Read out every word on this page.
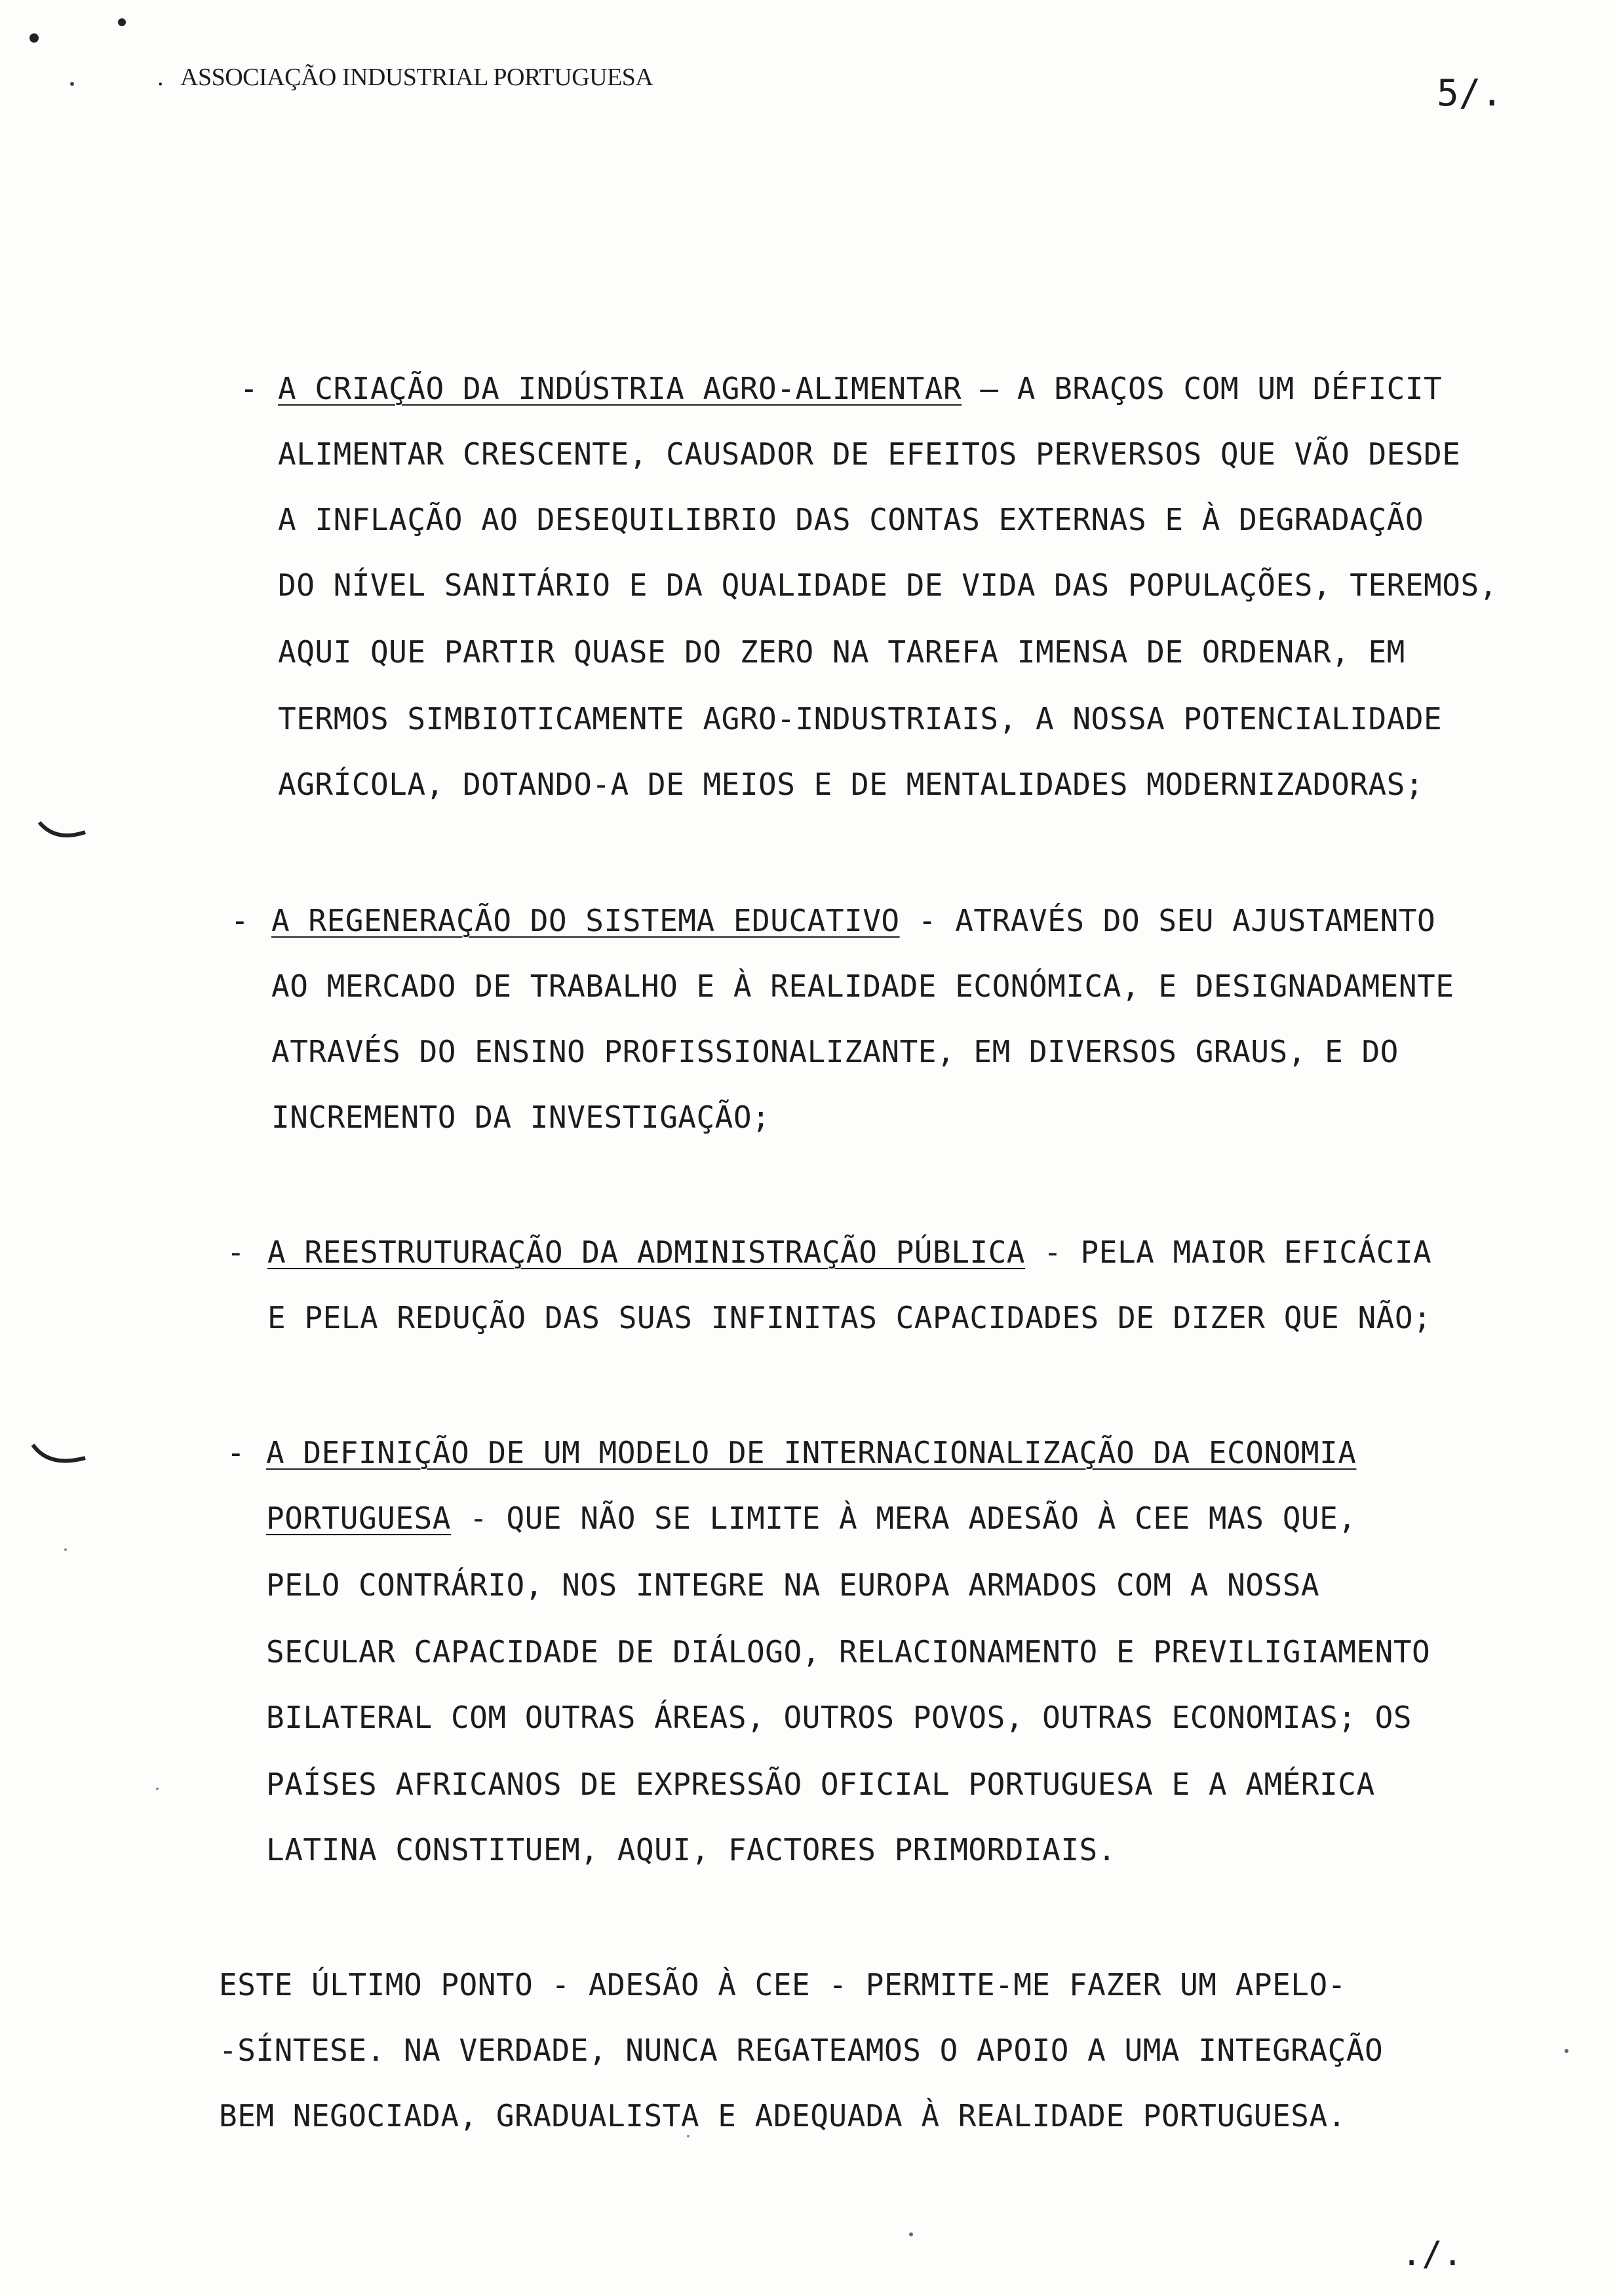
. ASSOCIAÇÃO INDUSTRIAL PORTUGUESA	5/.
- A CRIAÇÃO DA INDÚSTRIA AGRO-ALIMENTAR — A BRAÇOS COM UM DÉFICIT
ALIMENTAR CRESCENTE, CAUSADOR DE EFEITOS PERVERSOS QUE VÃO DESDE
A INFLAÇÃO AO DESEQUILIBRIO DAS CONTAS EXTERNAS E À DEGRADAÇÃO
DO NÍVEL SANITÁRIO E DA QUALIDADE DE VIDA DAS POPULAÇÕES, TEREMOS,
AQUI QUE PARTIR QUASE DO ZERO NA TAREFA IMENSA DE ORDENAR, EM
TERMOS SIMBIOTICAMENTE AGRO-INDUSTRIAIS, A NOSSA POTENCIALIDADE
AGRÍCOLA, DOTANDO-A DE MEIOS E DE MENTALIDADES MODERNIZADORAS;
- A REGENERAÇÃO DO SISTEMA EDUCATIVO - ATRAVÉS DO SEU AJUSTAMENTO
AO MERCADO DE TRABALHO E À REALIDADE ECONÓMICA, E DESIGNADAMENTE
ATRAVÉS DO ENSINO PROFISSIONALIZANTE, EM DIVERSOS GRAUS, E DO
INCREMENTO DA INVESTIGAÇÃO;
- A REESTRUTURAÇÃO DA ADMINISTRAÇÃO PÚBLICA - PELA MAIOR EFICÁCIA
E PELA REDUÇÃO DAS SUAS INFINITAS CAPACIDADES DE DIZER QUE NÃO;
- A DEFINIÇÃO DE UM MODELO DE INTERNACIONALIZAÇÃO DA ECONOMIA
PORTUGUESA - QUE NÃO SE LIMITE À MERA ADESÃO À CEE MAS QUE,
PELO CONTRÁRIO, NOS INTEGRE NA EUROPA ARMADOS COM A NOSSA
SECULAR CAPACIDADE DE DIÁLOGO, RELACIONAMENTO E PREVILIGIAMENTO
BILATERAL COM OUTRAS ÁREAS, OUTROS POVOS, OUTRAS ECONOMIAS; OS
PAÍSES AFRICANOS DE EXPRESSÃO OFICIAL PORTUGUESA E A AMÉRICA
LATINA CONSTITUEM, AQUI, FACTORES PRIMORDIAIS.
ESTE ÚLTIMO PONTO - ADESÃO À CEE - PERMITE-ME FAZER UM APELO-
-SÍNTESE. NA VERDADE, NUNCA REGATEAMOS O APOIO A UMA INTEGRAÇÃO
BEM NEGOCIADA, GRADUALISTA E ADEQUADA À REALIDADE PORTUGUESA.
./.
